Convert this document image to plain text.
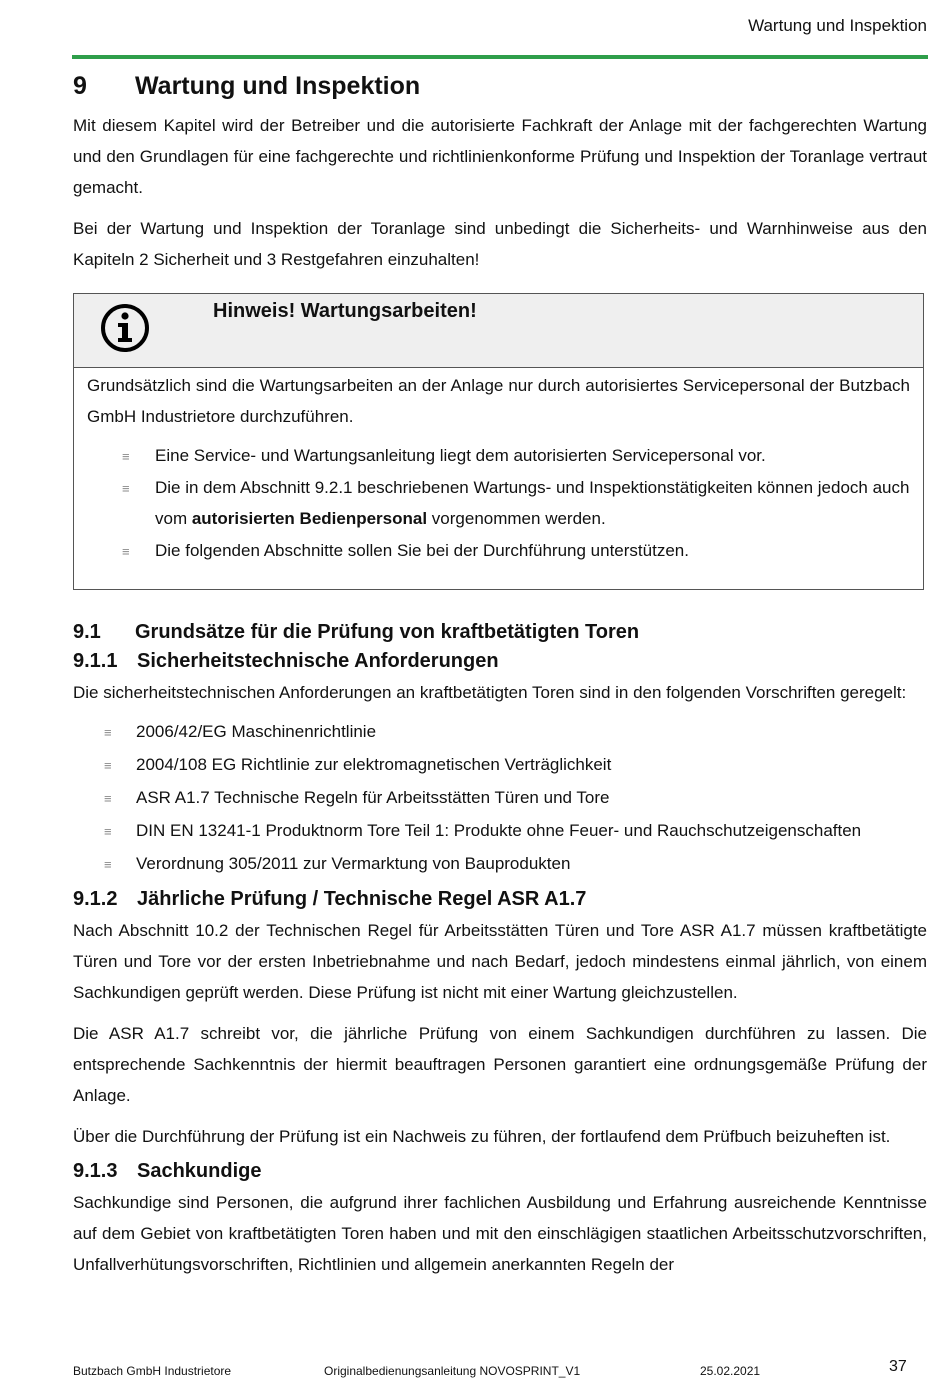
Wartung und Inspektion
9	Wartung und Inspektion

Mit diesem Kapitel wird der Betreiber und die autorisierte Fachkraft der Anlage mit der fachgerechten Wartung und den Grundlagen für eine fachgerechte und richtlinienkonforme Prüfung und Inspektion der Toranlage vertraut gemacht.

Bei der Wartung und Inspektion der Toranlage sind unbedingt die Sicherheits- und Warnhinweise aus den Kapiteln 2 Sicherheit und 3 Restgefahren einzuhalten!

Hinweis! Wartungsarbeiten!

Grundsätzlich sind die Wartungsarbeiten an der Anlage nur durch autorisiertes Servicepersonal der Butzbach GmbH Industrietore durchzuführen.

≡ Eine Service- und Wartungsanleitung liegt dem autorisierten Servicepersonal vor.
≡ Die in dem Abschnitt 9.2.1 beschriebenen Wartungs- und Inspektionstätigkeiten können jedoch auch vom autorisierten Bedienpersonal vorgenommen werden.
≡ Die folgenden Abschnitte sollen Sie bei der Durchführung unterstützen.
9.1	Grundsätze für die Prüfung von kraftbetätigten Toren
9.1.1 Sicherheitstechnische Anforderungen

Die sicherheitstechnischen Anforderungen an kraftbetätigten Toren sind in den folgenden Vorschriften geregelt:

≡ 2006/42/EG Maschinenrichtlinie
≡ 2004/108 EG Richtlinie zur elektromagnetischen Verträglichkeit
≡ ASR A1.7 Technische Regeln für Arbeitsstätten Türen und Tore
≡ DIN EN 13241-1 Produktnorm Tore Teil 1: Produkte ohne Feuer- und Rauchschutzeigenschaften
≡ Verordnung 305/2011 zur Vermarktung von Bauprodukten
9.1.2 Jährliche Prüfung / Technische Regel ASR A1.7

Nach Abschnitt 10.2 der Technischen Regel für Arbeitsstätten Türen und Tore ASR A1.7 müssen kraftbetätigte Türen und Tore vor der ersten Inbetriebnahme und nach Bedarf, jedoch mindestens einmal jährlich, von einem Sachkundigen geprüft werden. Diese Prüfung ist nicht mit einer Wartung gleichzustellen.

Die ASR A1.7 schreibt vor, die jährliche Prüfung von einem Sachkundigen durchführen zu lassen. Die entsprechende Sachkenntnis der hiermit beauftragen Personen garantiert eine ordnungsgemäße Prüfung der Anlage.

Über die Durchführung der Prüfung ist ein Nachweis zu führen, der fortlaufend dem Prüfbuch beizuheften ist.

9.1.3 Sachkundige

Sachkundige sind Personen, die aufgrund ihrer fachlichen Ausbildung und Erfahrung ausreichende Kenntnisse auf dem Gebiet von kraftbetätigten Toren haben und mit den einschlägigen staatlichen Arbeitsschutzvorschriften, Unfallverhütungsvorschriften, Richtlinien und allgemein anerkannten Regeln der

Butzbach GmbH Industrietore	Originalbedienungsanleitung NOVOSPRINT_V1	25.02.2021	37
